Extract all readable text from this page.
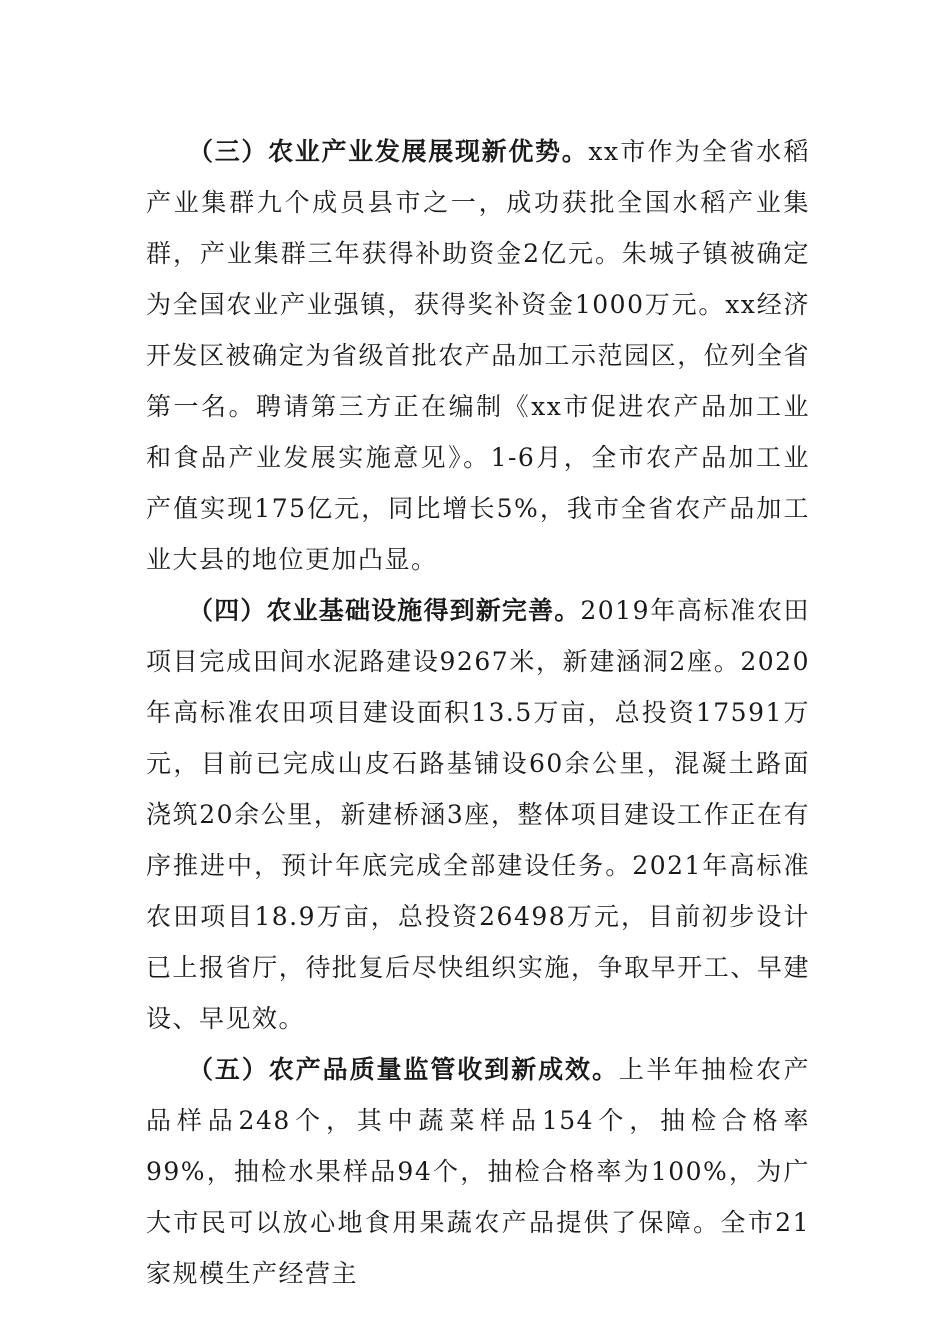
（三）农业产业发展展现新优势。xx市作为全省水稻产业集群九个成员县市之一，成功获批全国水稻产业集群，产业集群三年获得补助资金2亿元。朱城子镇被确定为全国农业产业强镇，获得奖补资金1000万元。xx经济开发区被确定为省级首批农产品加工示范园区，位列全省第一名。聘请第三方正在编制《xx市促进农产品加工业和食品产业发展实施意见》。1-6月，全市农产品加工业产值实现175亿元，同比增长5%，我市全省农产品加工业大县的地位更加凸显。

（四）农业基础设施得到新完善。2019年高标准农田项目完成田间水泥路建设9267米，新建涵洞2座。2020年高标准农田项目建设面积13.5万亩，总投资17591万元，目前已完成山皮石路基铺设60余公里，混凝土路面浇筑20余公里，新建桥涵3座，整体项目建设工作正在有序推进中，预计年底完成全部建设任务。2021年高标准农田项目18.9万亩，总投资26498万元，目前初步设计已上报省厅，待批复后尽快组织实施，争取早开工、早建设、早见效。

（五）农产品质量监管收到新成效。上半年抽检农产品样品248个，其中蔬菜样品154个，抽检合格率99%，抽检水果样品94个，抽检合格率为100%，为广大市民可以放心地食用果蔬农产品提供了保障。全市21家规模生产经营主
